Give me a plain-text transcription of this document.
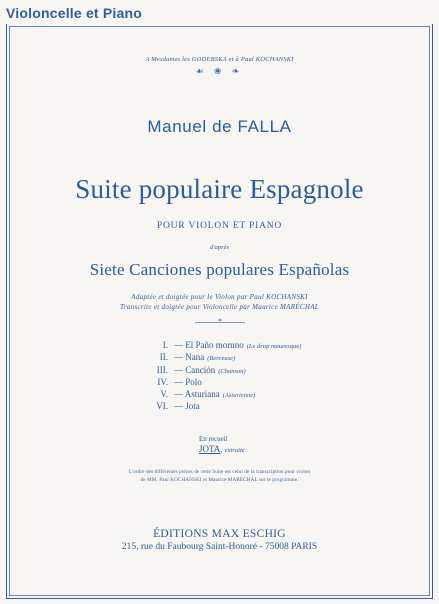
Violoncelle et Piano
A Mesdames les GODEBSKA et à Paul KOCHANSKI
☙ ❀ ❧
Manuel de FALLA
Suite populaire Espagnole
POUR VIOLON ET PIANO
d'après
Siete Canciones populares Españolas
Adaptée et doigtée pour le Violon par Paul KOCHANSKI
Transcrite et doigtée pour Violoncelle par Maurice MARÉCHAL
*
I. — El Paño moruno (Le drap mauresque)
II. — Nana (Berceuse)
III. — Canción (Chanson)
IV. — Polo
V. — Asturiana (Asturienne)
VI. — Jota
En recueil
JOTA, extraite
L'ordre des différentes pièces de cette Suite est celui de la transcription pour violon
de MM. Paul KOCHANSKI et Maurice MARÉCHAL sur le programme.
ÉDITIONS MAX ESCHIG
215, rue du Faubourg Saint-Honoré - 75008 PARIS
